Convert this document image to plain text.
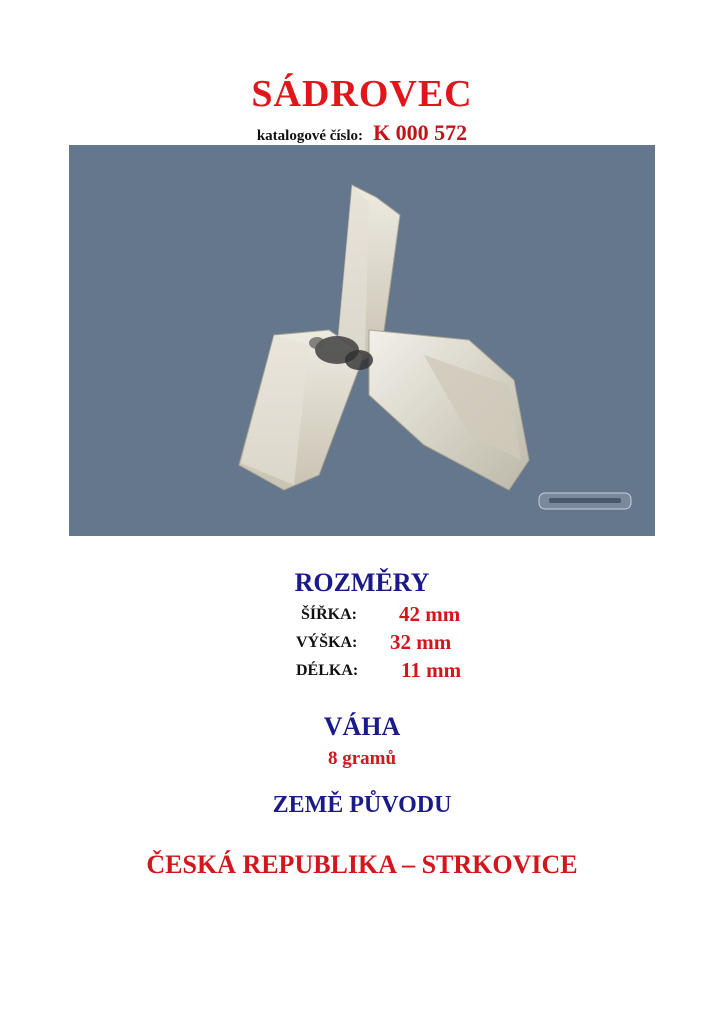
SÁDROVEC
katalogové číslo: K 000 572
ROZMĚRY
ŠÍŘKA: 42 mm
VÝŠKA: 32 mm
DÉLKA: 11 mm
VÁHA
8 gramů
ZEMĚ PŮVODU
ČESKÁ REPUBLIKA – STRKOVICE
